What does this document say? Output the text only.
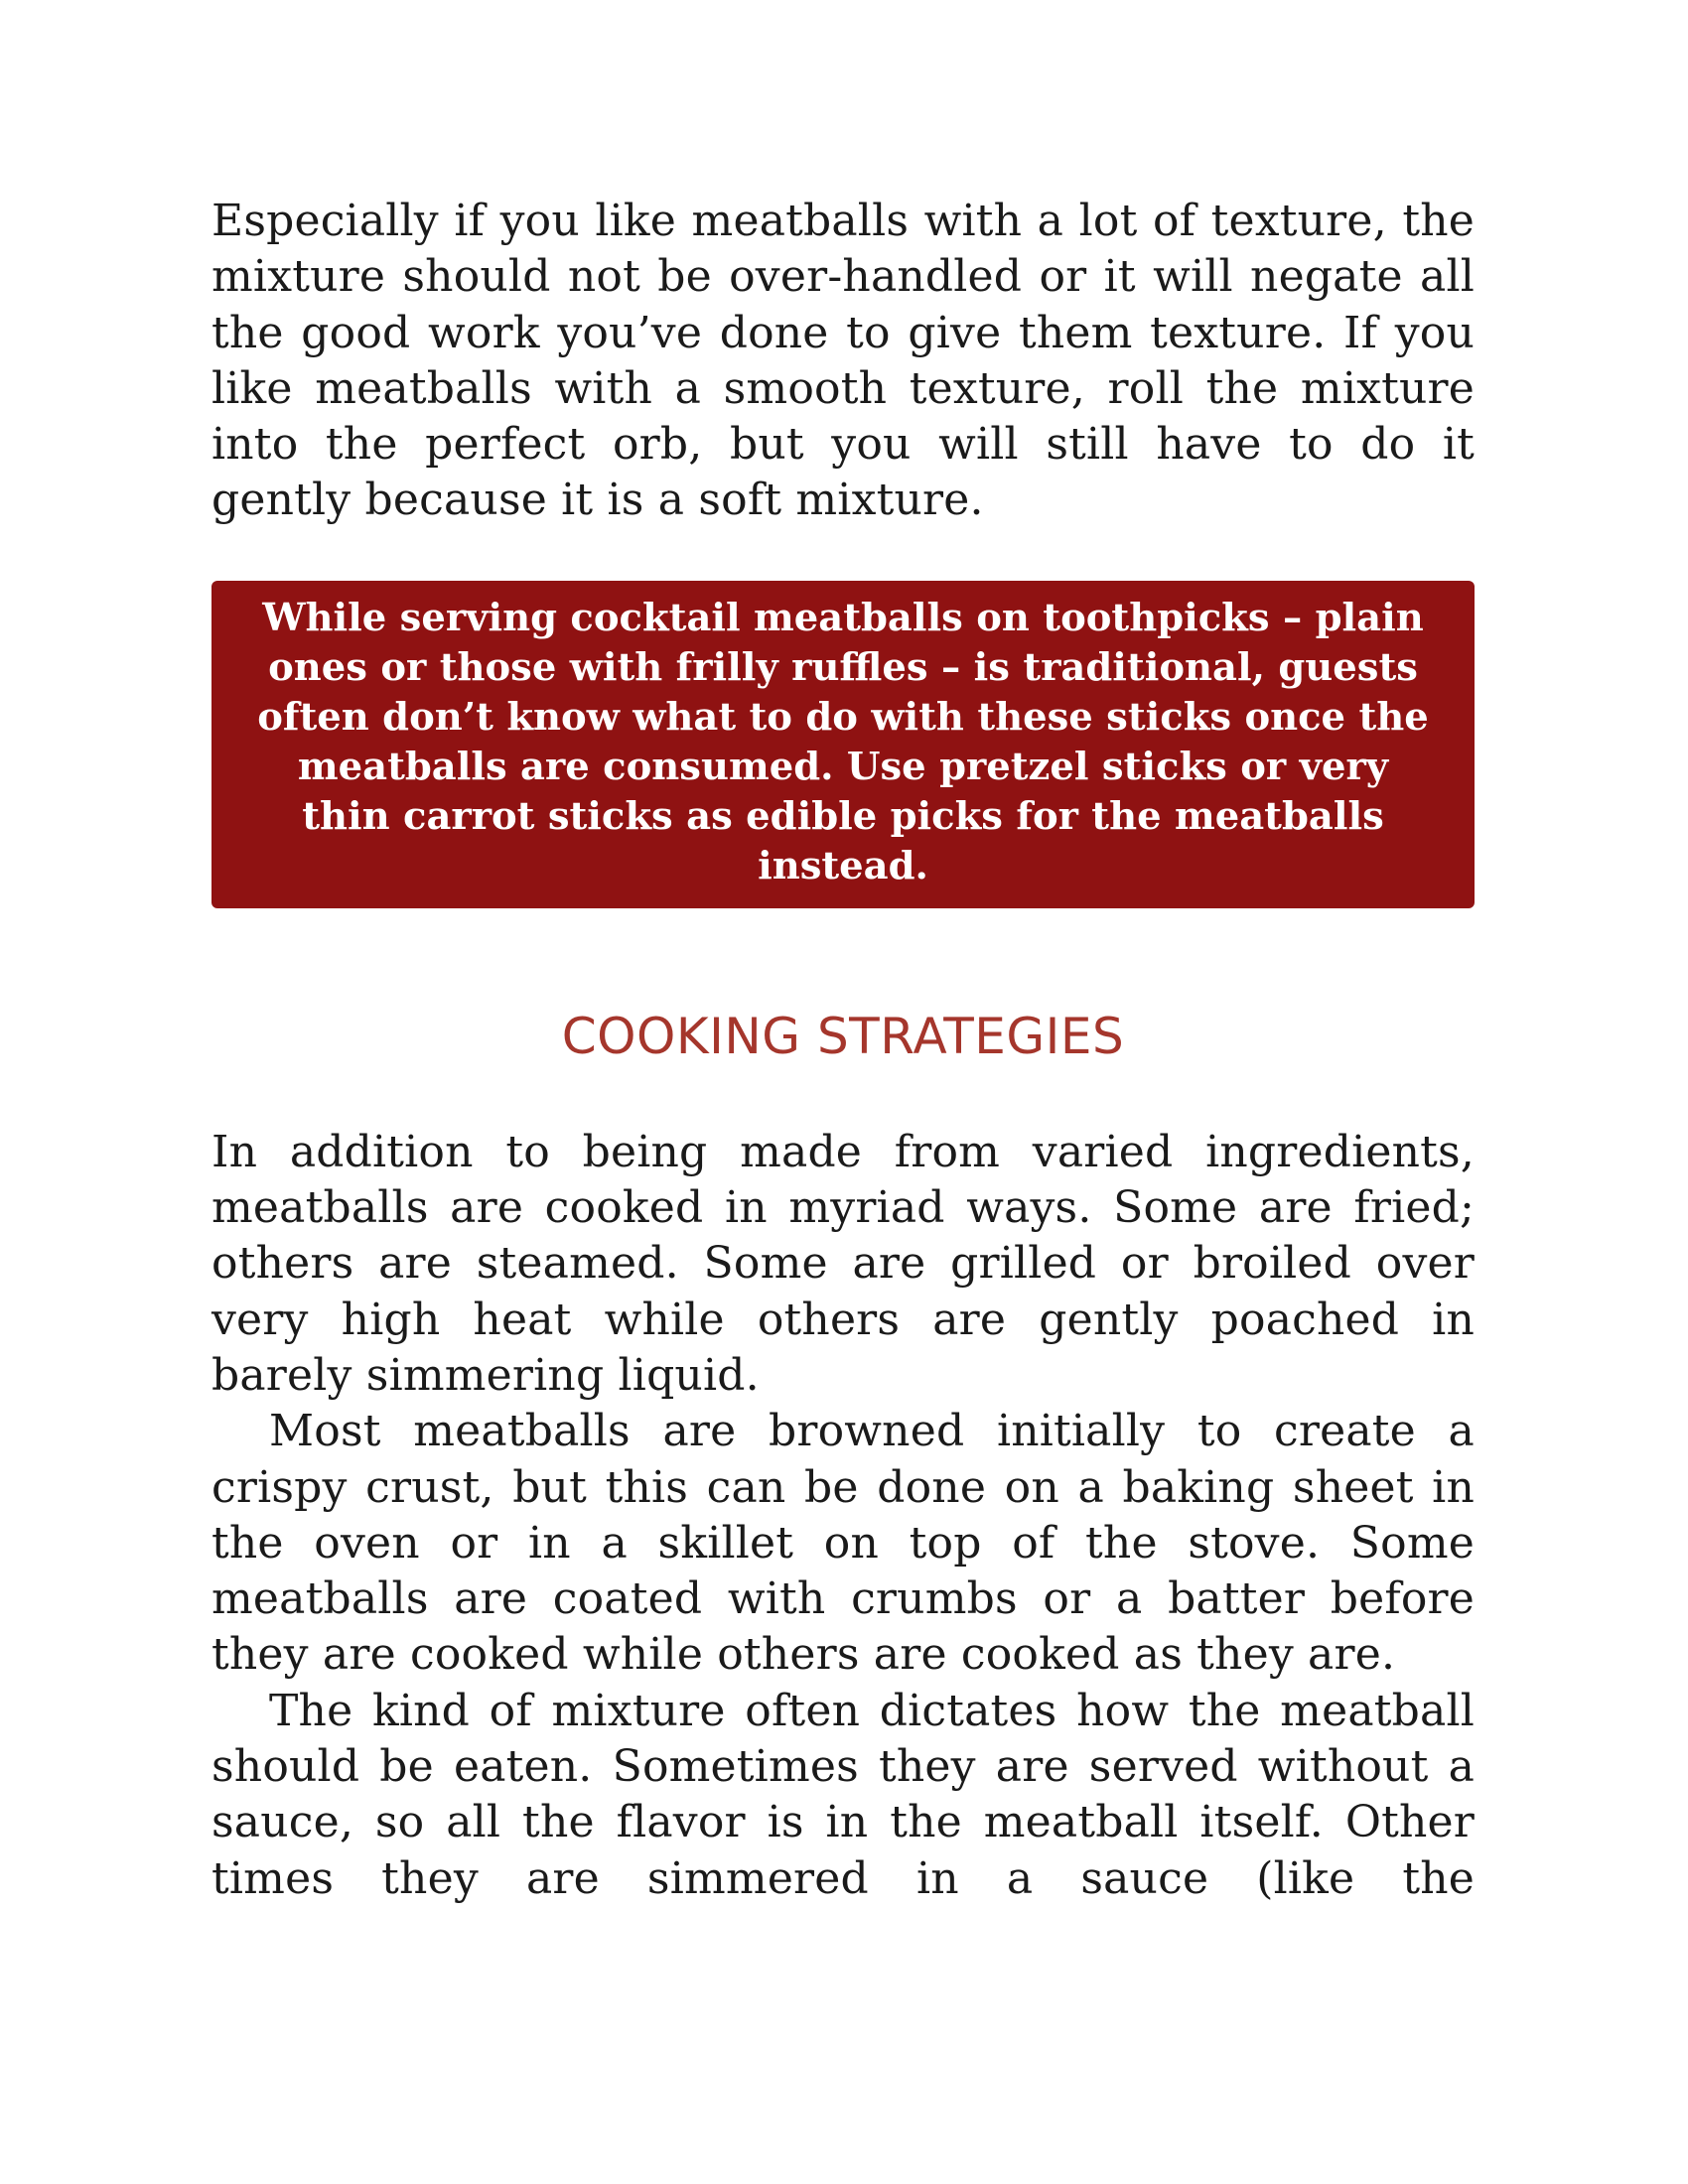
Especially if you like meatballs with a lot of texture, the mixture should not be over-handled or it will negate all the good work you’ve done to give them texture. If you like meatballs with a smooth texture, roll the mixture into the perfect orb, but you will still have to do it gently because it is a soft mixture.

While serving cocktail meatballs on toothpicks – plain ones or those with frilly ruffles – is traditional, guests often don’t know what to do with these sticks once the meatballs are consumed. Use pretzel sticks or very thin carrot sticks as edible picks for the meatballs instead.

COOKING STRATEGIES

In addition to being made from varied ingredients, meatballs are cooked in myriad ways. Some are fried; others are steamed. Some are grilled or broiled over very high heat while others are gently poached in barely simmering liquid.

Most meatballs are browned initially to create a crispy crust, but this can be done on a baking sheet in the oven or in a skillet on top of the stove. Some meatballs are coated with crumbs or a batter before they are cooked while others are cooked as they are.

The kind of mixture often dictates how the meatball should be eaten. Sometimes they are served without a sauce, so all the flavor is in the meatball itself. Other times they are simmered in a sauce (like the
